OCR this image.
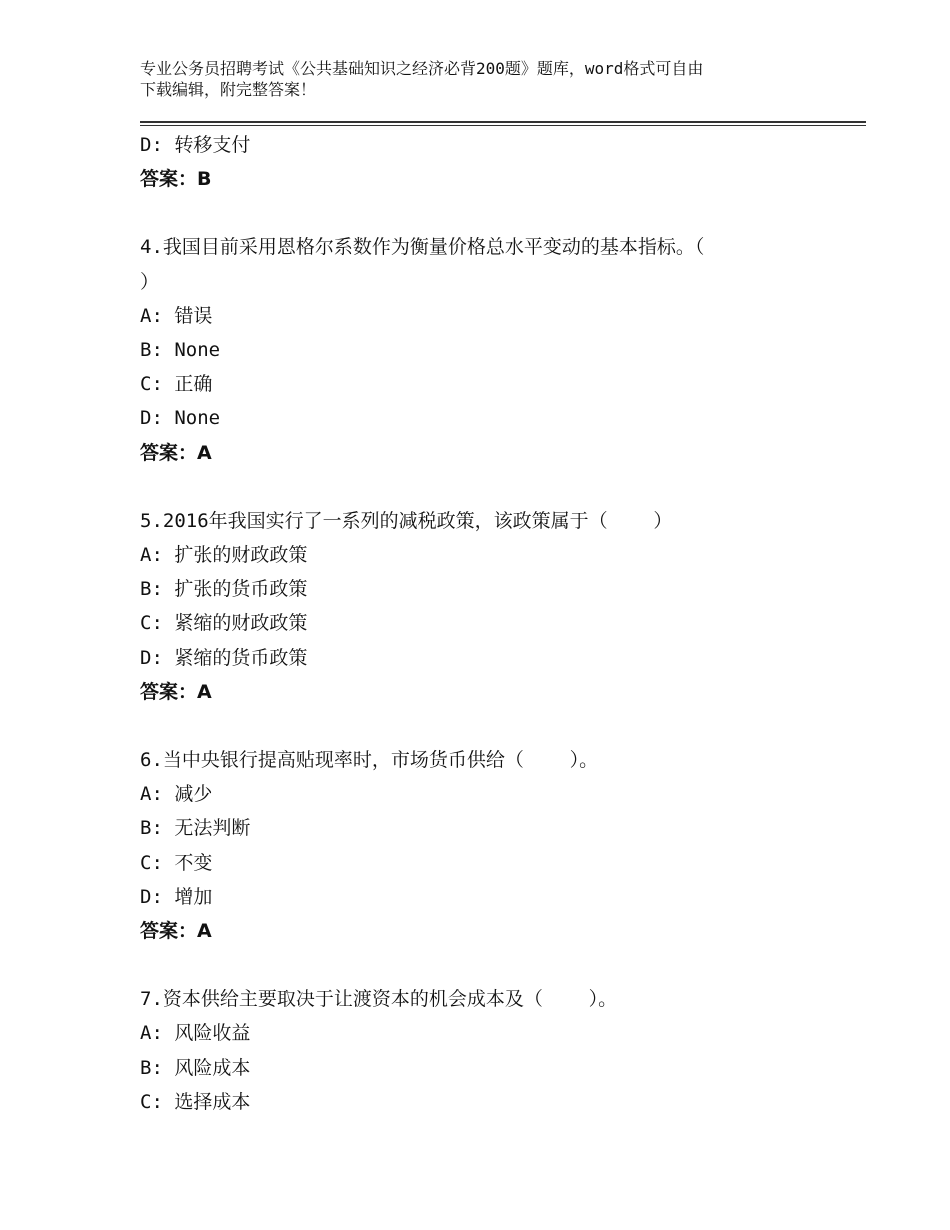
专业公务员招聘考试《公共基础知识之经济必背200题》题库，word格式可自由
下载编辑，附完整答案！

D: 转移支付

答案：B

4.我国目前采用恩格尔系数作为衡量价格总水平变动的基本指标。（

）

A: 错误

B: None

C: 正确

D: None

答案：A

5.2016年我国实行了一系列的减税政策，该政策属于（    ）

A: 扩张的财政政策

B: 扩张的货币政策

C: 紧缩的财政政策

D: 紧缩的货币政策

答案：A

6.当中央银行提高贴现率时，市场货币供给（    ）。

A: 减少

B: 无法判断

C: 不变

D: 增加

答案：A

7.资本供给主要取决于让渡资本的机会成本及（    ）。

A: 风险收益

B: 风险成本

C: 选择成本
